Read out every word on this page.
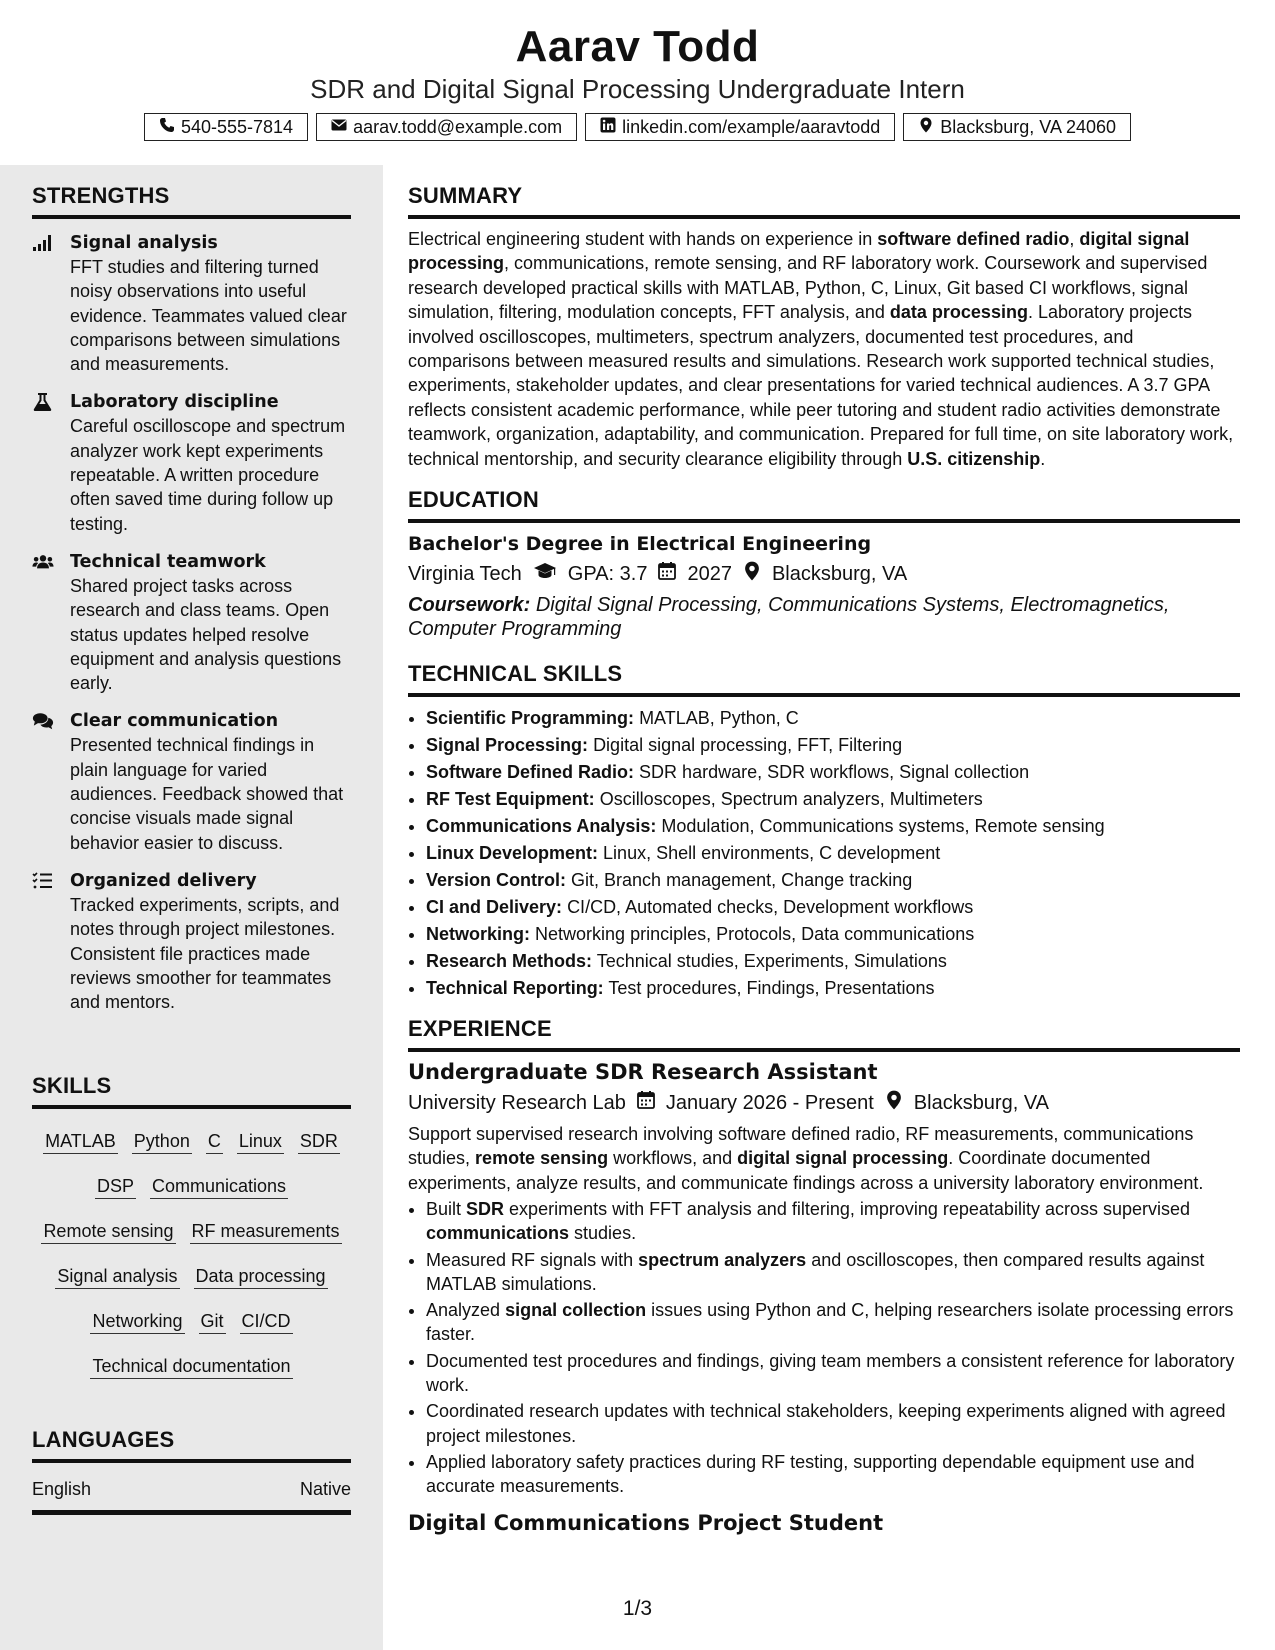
Aarav Todd
SDR and Digital Signal Processing Undergraduate Intern
540-555-7814	aarav.todd@example.com	linkedin.com/example/aaravtodd	Blacksburg, VA 24060
STRENGTHS
Signal analysis
FFT studies and filtering turned noisy observations into useful evidence. Teammates valued clear comparisons between simulations and measurements.
Laboratory discipline
Careful oscilloscope and spectrum analyzer work kept experiments repeatable. A written procedure often saved time during follow up testing.
Technical teamwork
Shared project tasks across research and class teams. Open status updates helped resolve equipment and analysis questions early.
Clear communication
Presented technical findings in plain language for varied audiences. Feedback showed that concise visuals made signal behavior easier to discuss.
Organized delivery
Tracked experiments, scripts, and notes through project milestones. Consistent file practices made reviews smoother for teammates and mentors.
SKILLS
MATLAB Python C Linux SDR
DSP Communications
Remote sensing RF measurements
Signal analysis Data processing
Networking Git CI/CD
Technical documentation
LANGUAGES
English	Native
SUMMARY

Electrical engineering student with hands on experience in software defined radio, digital signal processing, communications, remote sensing, and RF laboratory work. Coursework and supervised research developed practical skills with MATLAB, Python, C, Linux, Git based CI workflows, signal simulation, filtering, modulation concepts, FFT analysis, and data processing. Laboratory projects involved oscilloscopes, multimeters, spectrum analyzers, documented test procedures, and comparisons between measured results and simulations. Research work supported technical studies, experiments, stakeholder updates, and clear presentations for varied technical audiences. A 3.7 GPA reflects consistent academic performance, while peer tutoring and student radio activities demonstrate teamwork, organization, adaptability, and communication. Prepared for full time, on site laboratory work, technical mentorship, and security clearance eligibility through U.S. citizenship.

EDUCATION
Bachelor's Degree in Electrical Engineering
Virginia Tech GPA: 3.7 2027 Blacksburg, VA
Coursework: Digital Signal Processing, Communications Systems, Electromagnetics, Computer Programming
TECHNICAL SKILLS
• Scientific Programming: MATLAB, Python, C
• Signal Processing: Digital signal processing, FFT, Filtering
• Software Defined Radio: SDR hardware, SDR workflows, Signal collection
• RF Test Equipment: Oscilloscopes, Spectrum analyzers, Multimeters
• Communications Analysis: Modulation, Communications systems, Remote sensing
• Linux Development: Linux, Shell environments, C development
• Version Control: Git, Branch management, Change tracking
• CI and Delivery: CI/CD, Automated checks, Development workflows
• Networking: Networking principles, Protocols, Data communications
• Research Methods: Technical studies, Experiments, Simulations
• Technical Reporting: Test procedures, Findings, Presentations
EXPERIENCE
Undergraduate SDR Research Assistant
University Research Lab January 2026 - Present Blacksburg, VA

Support supervised research involving software defined radio, RF measurements, communications studies, remote sensing workflows, and digital signal processing. Coordinate documented experiments, analyze results, and communicate findings across a university laboratory environment.

• Built SDR experiments with FFT analysis and filtering, improving repeatability across supervised communications studies.
• Measured RF signals with spectrum analyzers and oscilloscopes, then compared results against MATLAB simulations.
• Analyzed signal collection issues using Python and C, helping researchers isolate processing errors faster.
• Documented test procedures and findings, giving team members a consistent reference for laboratory work.
• Coordinated research updates with technical stakeholders, keeping experiments aligned with agreed project milestones.
• Applied laboratory safety practices during RF testing, supporting dependable equipment use and accurate measurements.
Digital Communications Project Student
1/3
